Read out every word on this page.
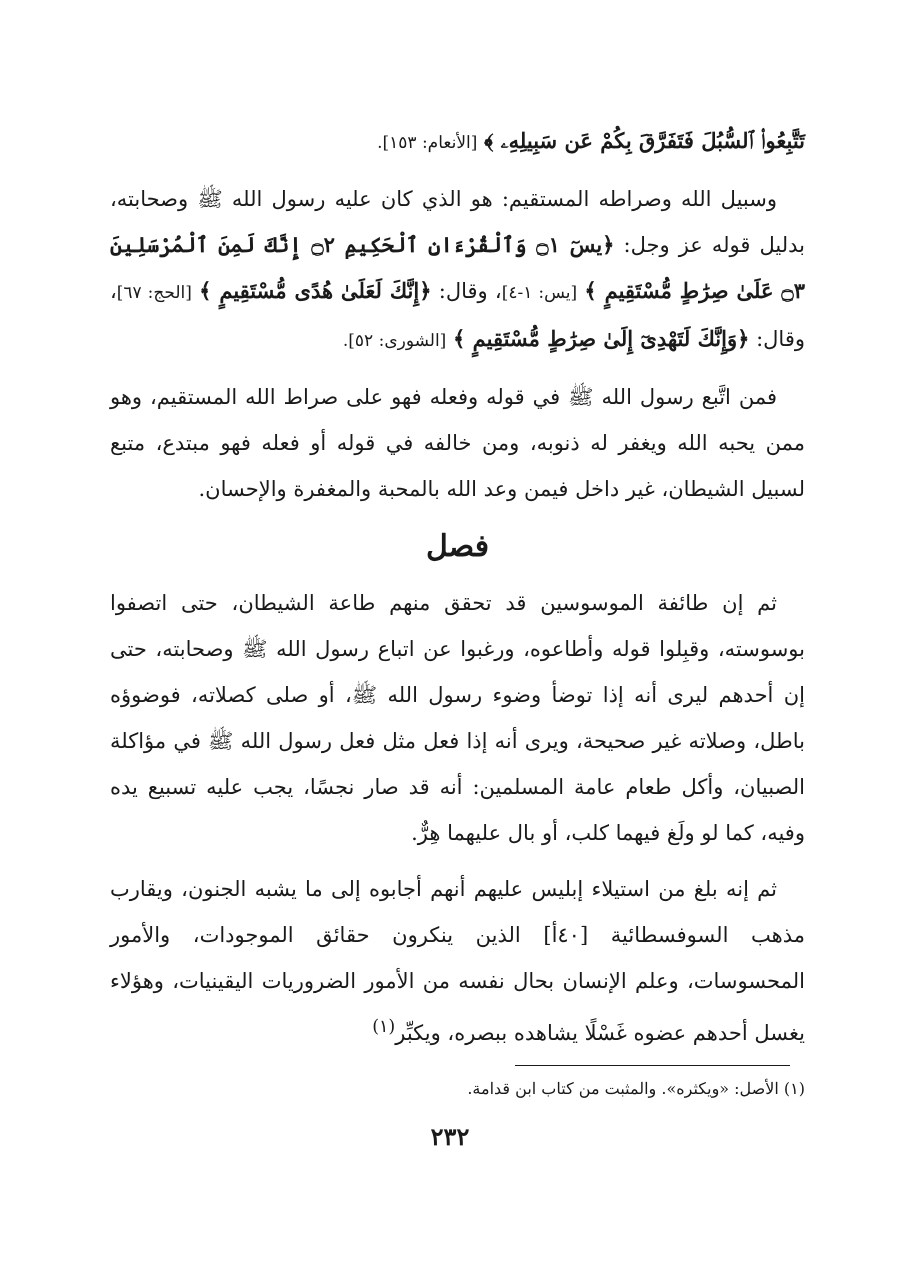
تَتَّبِعُوا۟ ٱلسُّبُلَ فَتَفَرَّقَ بِكُمْ عَن سَبِيلِهِۦ ﴾ [الأنعام: ١٥٣].

وسبيل الله وصراطه المستقيم: هو الذي كان عليه رسول الله ﷺ وصحابته، بدليل قوله عز وجل: ﴿يسٓ ۝١ وَٱلْقُرْءَانِ ٱلْحَكِيمِ ۝٢ إِنَّكَ لَمِنَ ٱلْمُرْسَلِينَ ۝٣ عَلَىٰ صِرَٰطٍ مُّسْتَقِيمٍ ﴾ [يس: ١-٤]، وقال: ﴿إِنَّكَ لَعَلَىٰ هُدًى مُّسْتَقِيمٍ ﴾ [الحج: ٦٧]، وقال: ﴿وَإِنَّكَ لَتَهْدِىٓ إِلَىٰ صِرَٰطٍ مُّسْتَقِيمٍ ﴾ [الشورى: ٥٢].

فمن اتَّبع رسول الله ﷺ في قوله وفعله فهو على صراط الله المستقيم، وهو ممن يحبه الله ويغفر له ذنوبه، ومن خالفه في قوله أو فعله فهو مبتدع، متبع لسبيل الشيطان، غير داخل فيمن وعد الله بالمحبة والمغفرة والإحسان.

فصل

ثم إن طائفة الموسوسين قد تحقق منهم طاعة الشيطان، حتى اتصفوا بوسوسته، وقبِلوا قوله وأطاعوه، ورغبوا عن اتباع رسول الله ﷺ وصحابته، حتى إن أحدهم ليرى أنه إذا توضأ وضوء رسول الله ﷺ، أو صلى كصلاته، فوضوؤه باطل، وصلاته غير صحيحة، ويرى أنه إذا فعل مثل فعل رسول الله ﷺ في مؤاكلة الصبيان، وأكل طعام عامة المسلمين: أنه قد صار نجسًا، يجب عليه تسبيع يده وفيه، كما لو ولَغ فيهما كلب، أو بال عليهما هِرٌّ.

ثم إنه بلغ من استيلاء إبليس عليهم أنهم أجابوه إلى ما يشبه الجنون، ويقارب مذهب السوفسطائية [٤٠أ] الذين ينكرون حقائق الموجودات، والأمور المحسوسات، وعلم الإنسان بحال نفسه من الأمور الضروريات اليقينيات، وهؤلاء يغسل أحدهم عضوه غَسْلًا يشاهده ببصره، ويكبِّر$^{(١)}$

(١) الأصل: «ويكثره». والمثبت من كتاب ابن قدامة.
٢٣٢
